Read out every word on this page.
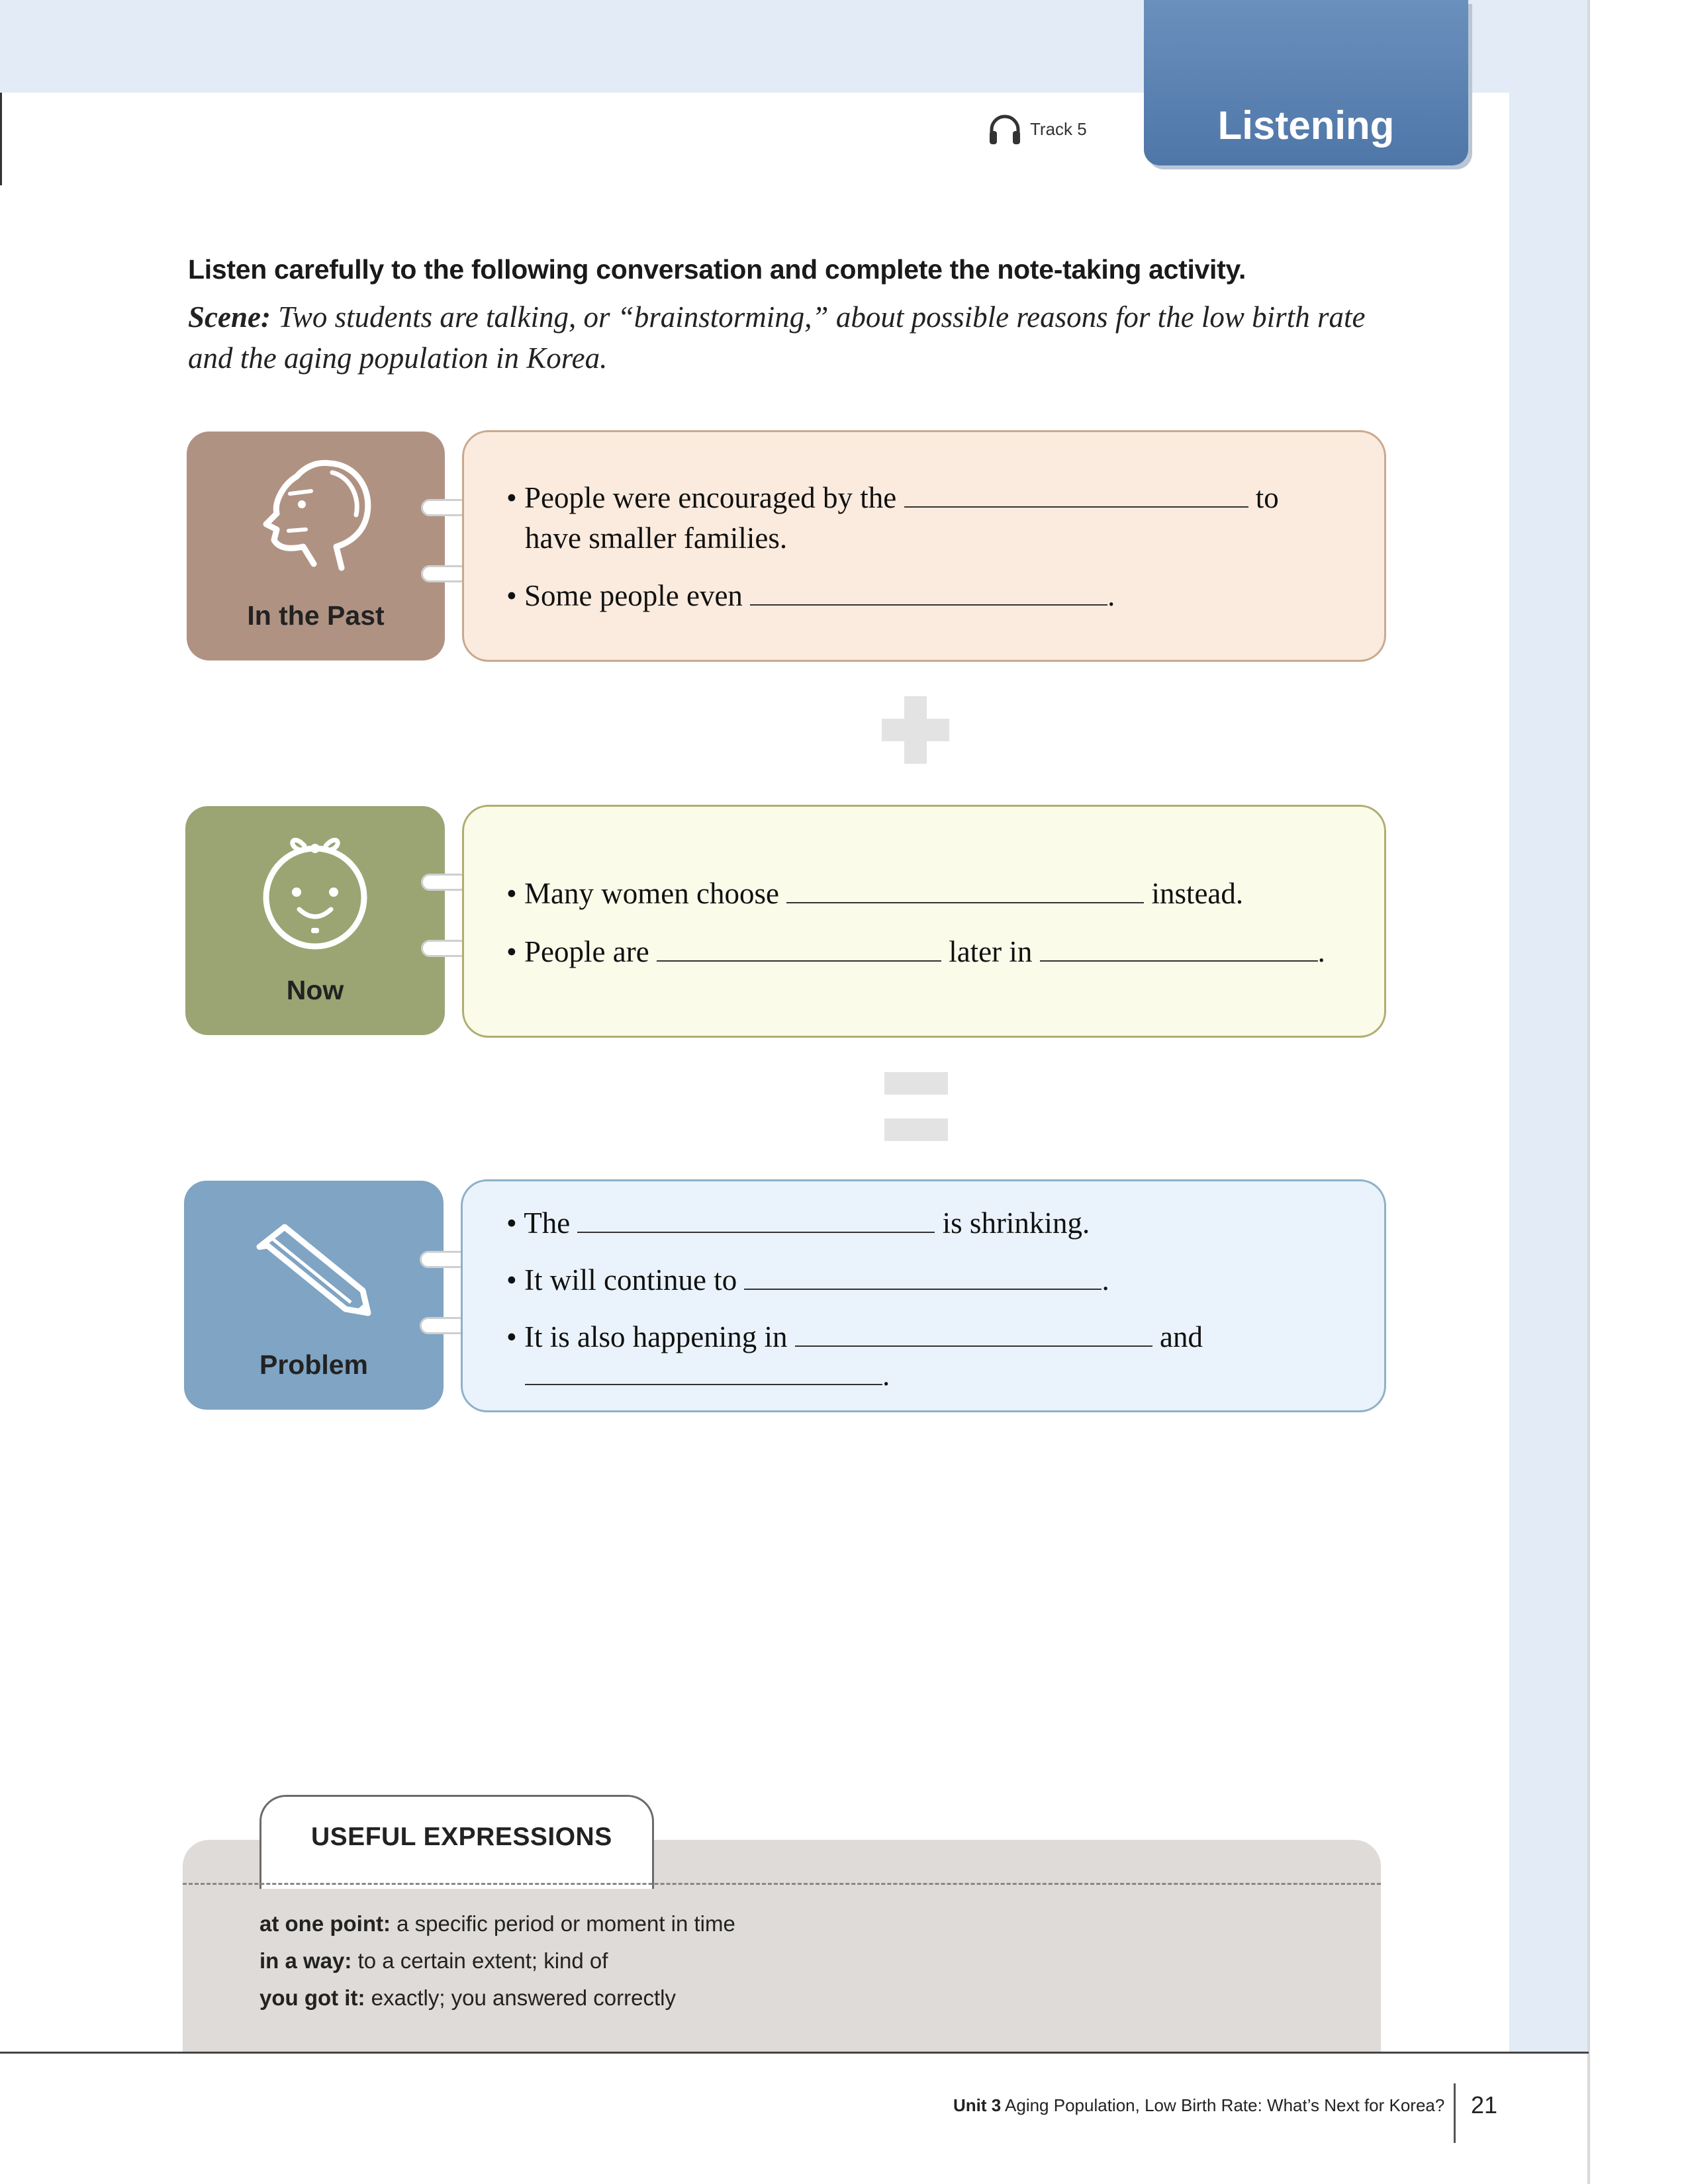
Listening
Track 5
Listen carefully to the following conversation and complete the note-taking activity.
Scene: Two students are talking, or “brainstorming,” about possible reasons for the low birth rate and the aging population in Korea.
In the Past
• People were encouraged by the	to
have smaller families.
• Some people even	.
Now
• Many women choose	instead.
• People are	later in	.
Problem
• The	is shrinking.
• It will continue to	.
• It is also happening in	and
.
USEFUL EXPRESSIONS
at one point: a specific period or moment in time
in a way: to a certain extent; kind of
you got it: exactly; you answered correctly
Unit 3 Aging Population, Low Birth Rate: What’s Next for Korea? 21
